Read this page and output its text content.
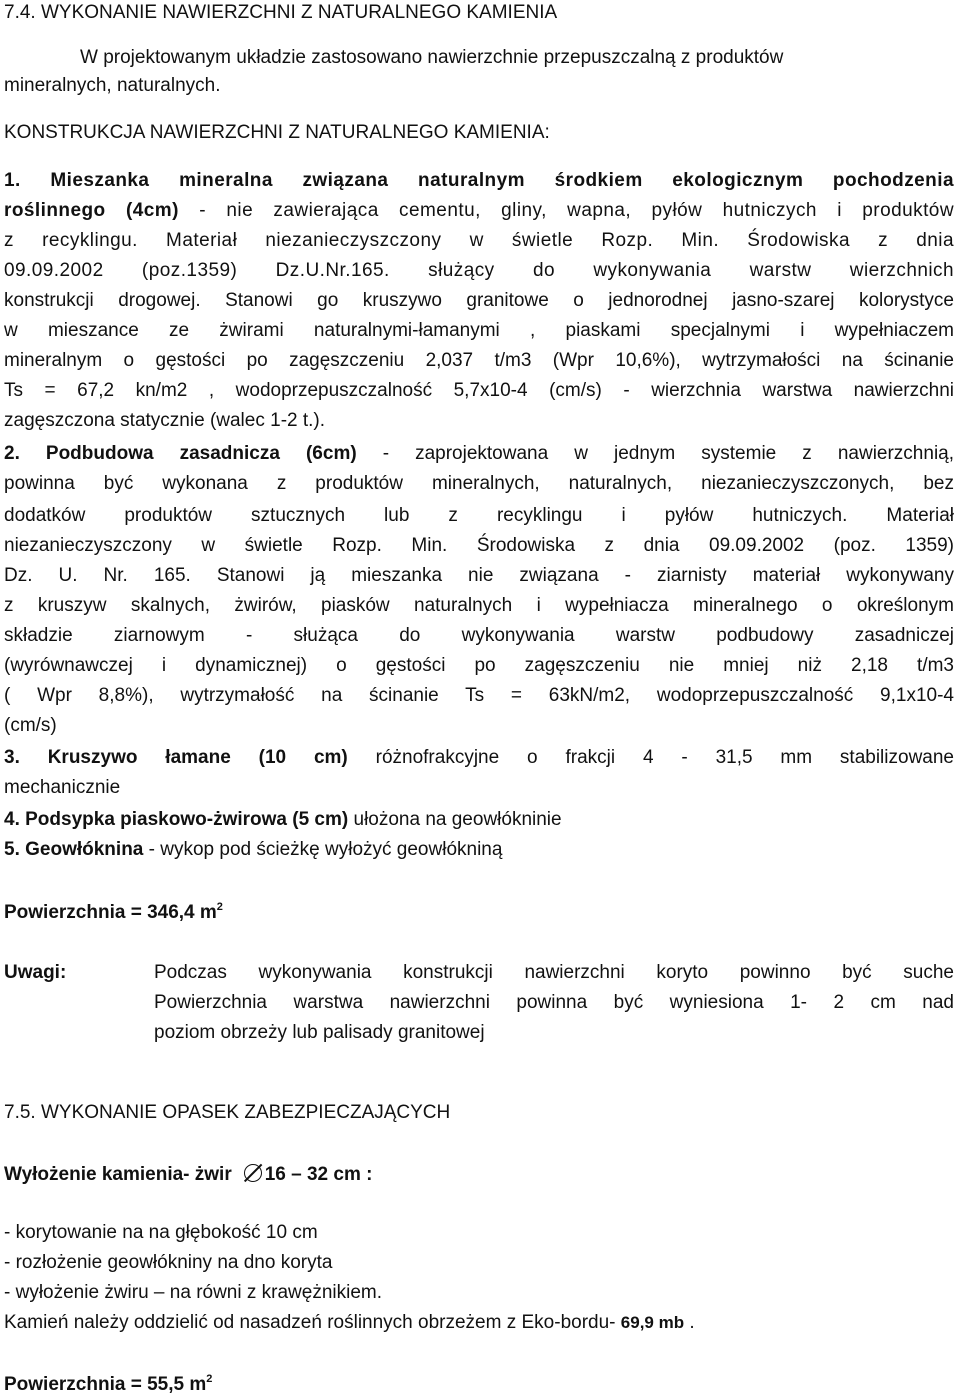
7.4. WYKONANIE NAWIERZCHNI Z NATURALNEGO KAMIENIA

W projektowanym układzie zastosowano nawierzchnie przepuszczalną z produktów

mineralnych, naturalnych.

KONSTRUKCJA NAWIERZCHNI Z NATURALNEGO KAMIENIA:

1. Mieszanka mineralna związana naturalnym środkiem ekologicznym pochodzenia

roślinnego (4cm) - nie zawierająca cementu, gliny, wapna, pyłów hutniczych i produktów

z recyklingu. Materiał niezanieczyszczony w świetle Rozp. Min. Środowiska z dnia

09.09.2002 (poz.1359) Dz.U.Nr.165. służący do wykonywania warstw wierzchnich

konstrukcji drogowej. Stanowi go kruszywo granitowe o jednorodnej jasno-szarej kolorystyce

w mieszance ze żwirami naturalnymi-łamanymi , piaskami specjalnymi i wypełniaczem

mineralnym o gęstości po zagęszczeniu 2,037 t/m3 (Wpr 10,6%), wytrzymałości na ścinanie

Ts = 67,2 kn/m2 , wodoprzepuszczalność 5,7x10-4 (cm/s) - wierzchnia warstwa nawierzchni

zagęszczona statycznie (walec 1-2 t.).

2. Podbudowa zasadnicza (6cm) - zaprojektowana w jednym systemie z nawierzchnią,

powinna być wykonana z produktów mineralnych, naturalnych, niezanieczyszczonych, bez

dodatków produktów sztucznych lub z recyklingu i pyłów hutniczych. Materiał

niezanieczyszczony w świetle Rozp. Min. Środowiska z dnia 09.09.2002 (poz. 1359)

Dz. U. Nr. 165. Stanowi ją mieszanka nie związana - ziarnisty materiał wykonywany

z kruszyw skalnych, żwirów, piasków naturalnych i wypełniacza mineralnego o określonym

składzie ziarnowym - służąca do wykonywania warstw podbudowy zasadniczej

(wyrównawczej i dynamicznej) o gęstości po zagęszczeniu nie mniej niż 2,18 t/m3

( Wpr 8,8%), wytrzymałość na ścinanie Ts = 63kN/m2, wodoprzepuszczalność 9,1x10-4

(cm/s)

3. Kruszywo łamane (10 cm) różnofrakcyjne o frakcji 4 - 31,5 mm stabilizowane

mechanicznie

4. Podsypka piaskowo-żwirowa (5 cm) ułożona na geowłókninie

5. Geowłóknina - wykop pod ścieżkę wyłożyć geowłókniną

Powierzchnia = 346,4 $m^2$

Uwagi:	Podczas wykonywania konstrukcji nawierzchni koryto powinno być suche

Powierzchnia warstwa nawierzchni powinna być wyniesiona 1- 2 cm nad

poziom obrzeży lub palisady granitowej

7.5. WYKONANIE OPASEK ZABEZPIECZAJĄCYCH

Wyłożenie kamienia- żwir 16 – 32 cm :

- korytowanie na na głębokość 10 cm

- rozłożenie geowłókniny na dno koryta

- wyłożenie żwiru – na równi z krawężnikiem.

Kamień należy oddzielić od nasadzeń roślinnych obrzeżem z Eko-bordu- 69,9 mb .

Powierzchnia = 55,5 $m^2$
